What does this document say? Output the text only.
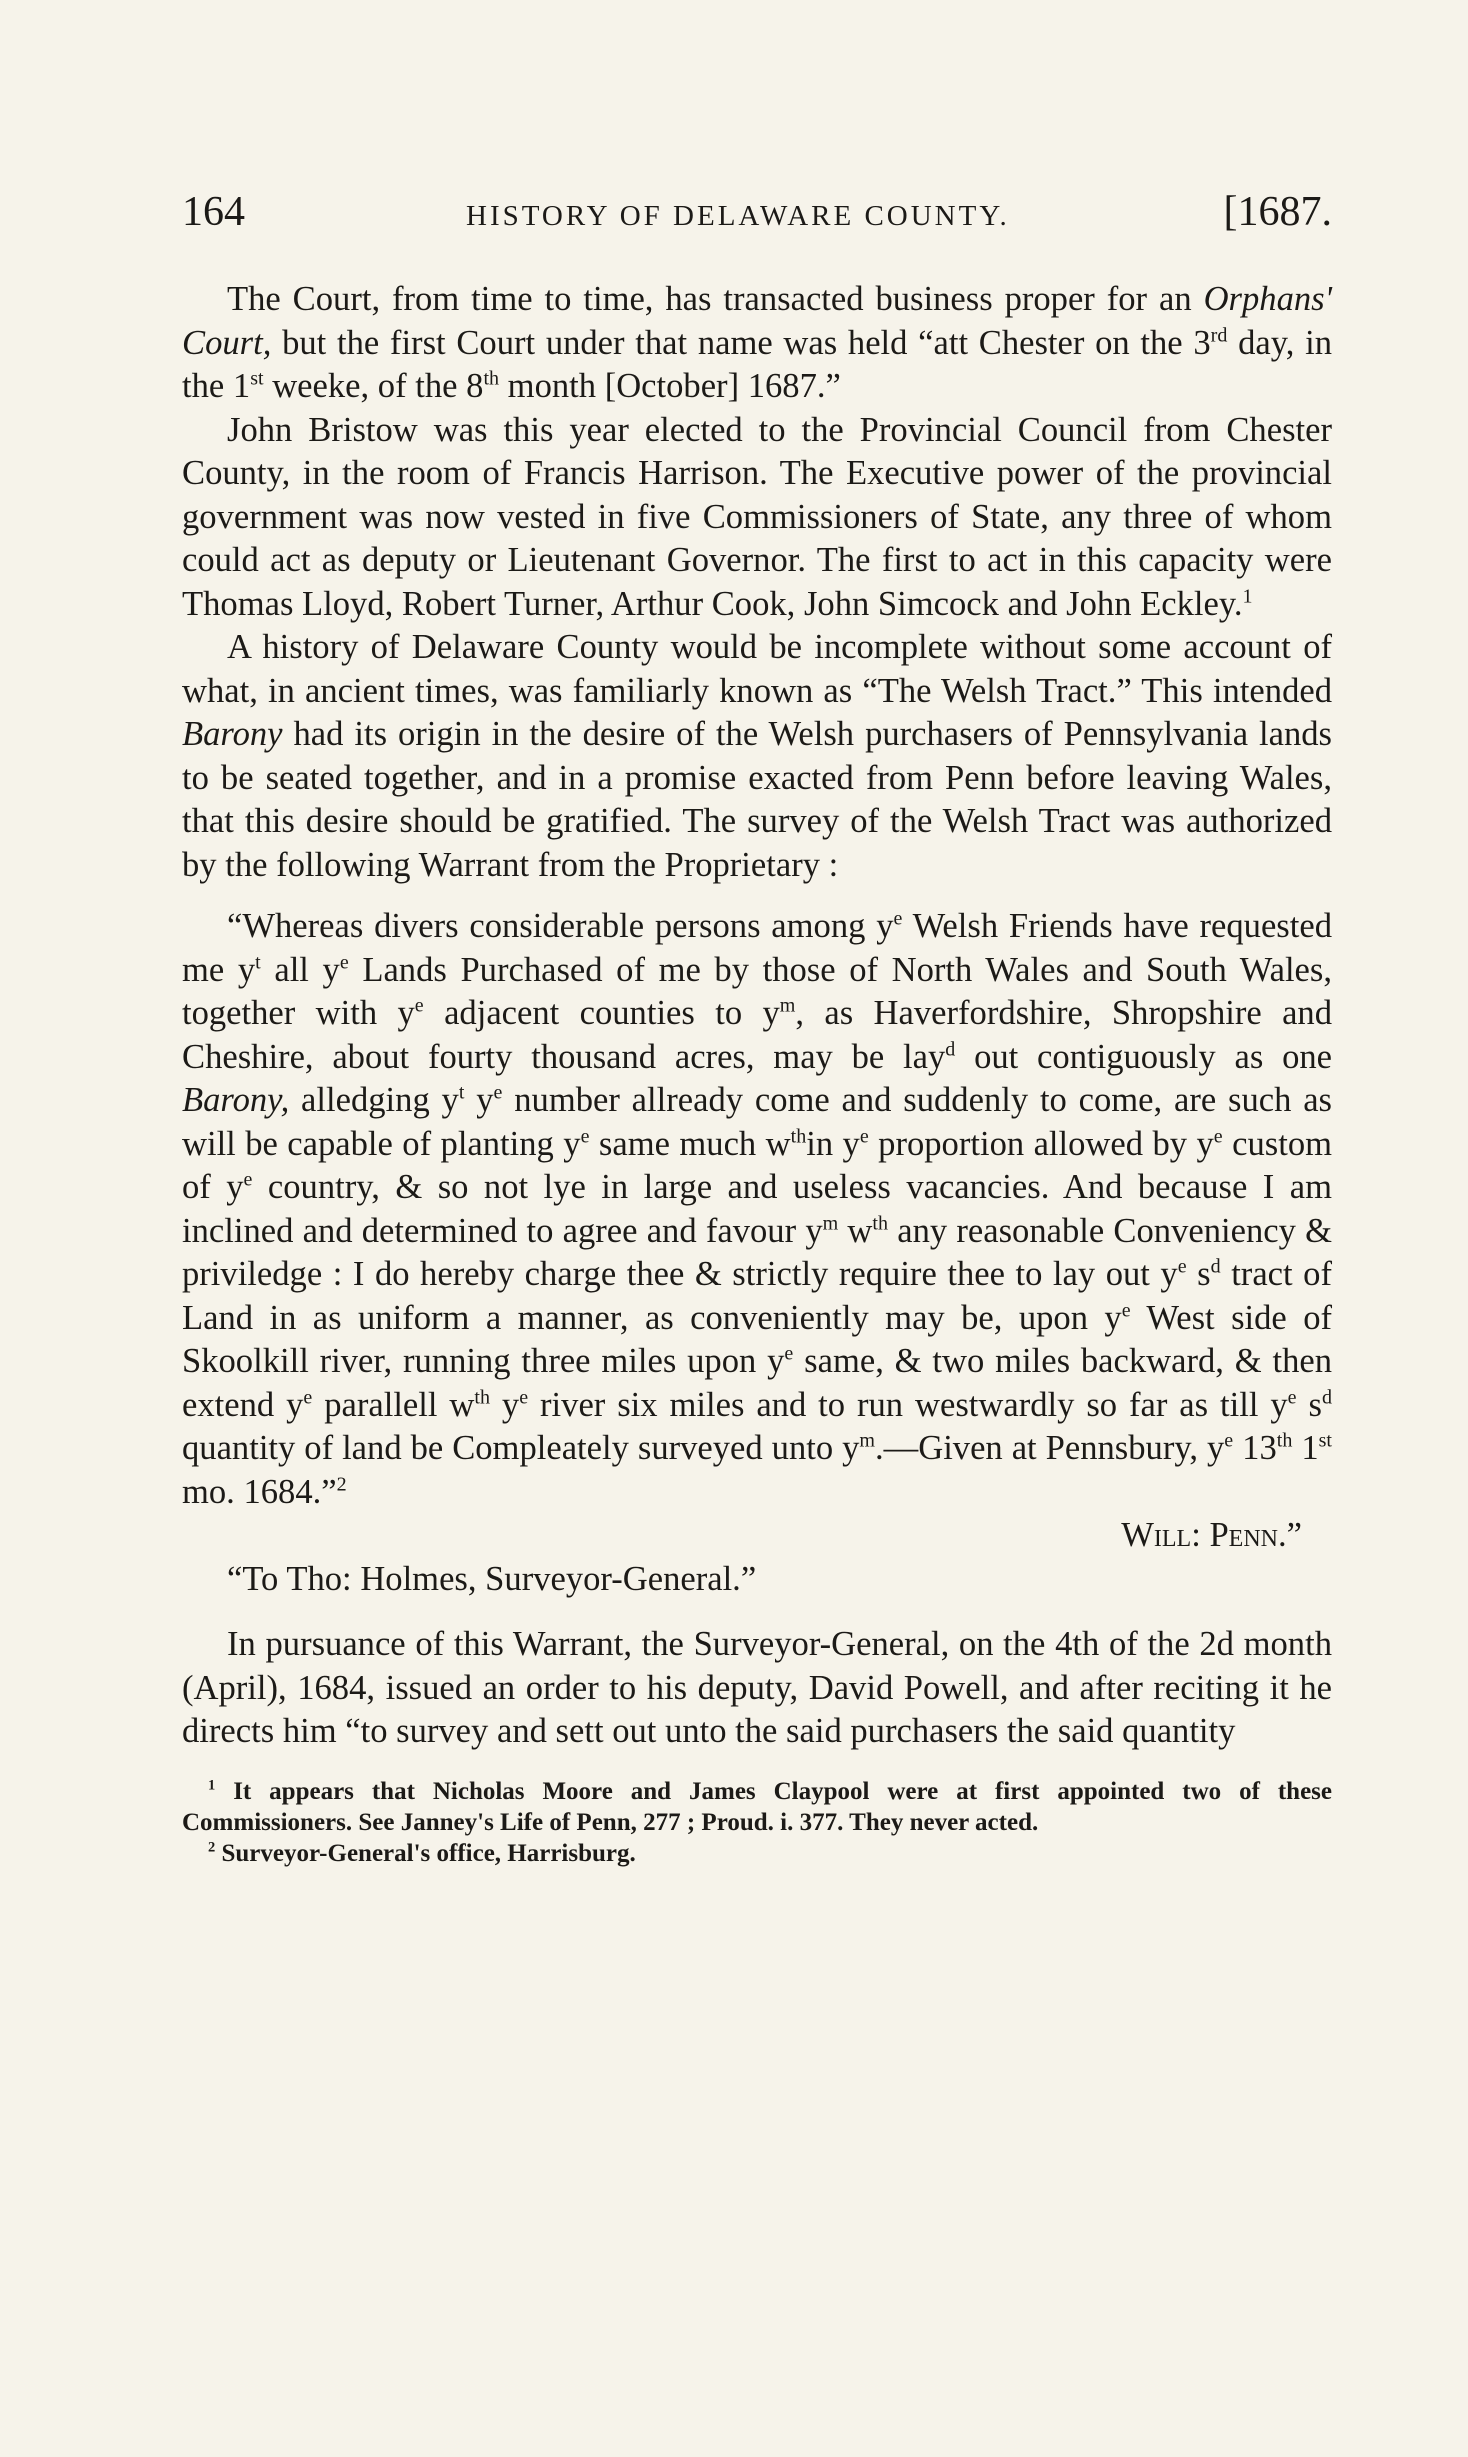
164	HISTORY OF DELAWARE COUNTY.	[1687.

The Court, from time to time, has transacted business proper for an Orphans' Court, but the first Court under that name was held “att Chester on the 3rd day, in the 1st weeke, of the 8th month [October] 1687.”

John Bristow was this year elected to the Provincial Council from Chester County, in the room of Francis Harrison. The Executive power of the provincial government was now vested in five Commissioners of State, any three of whom could act as deputy or Lieutenant Governor. The first to act in this capacity were Thomas Lloyd, Robert Turner, Arthur Cook, John Simcock and John Eckley.$^1$

A history of Delaware County would be incomplete without some account of what, in ancient times, was familiarly known as “The Welsh Tract.” This intended Barony had its origin in the desire of the Welsh purchasers of Pennsylvania lands to be seated together, and in a promise exacted from Penn before leaving Wales, that this desire should be gratified. The survey of the Welsh Tract was authorized by the following Warrant from the Proprietary :

“Whereas divers considerable persons among $y^e$ Welsh Friends have requested me $y^t$ all $y^e$ Lands Purchased of me by those of North Wales and South Wales, together with $y^e$ adjacent counties to $y^m$, as Haverfordshire, Shropshire and Cheshire, about fourty thousand acres, may be lay$^d$ out contiguously as one Barony, alledging $y^t$ $y^e$ number allready come and suddenly to come, are such as will be capable of planting $y^e$ same much $w^{th}in$ $y^e$ proportion allowed by $y^e$ custom of $y^e$ country, & so not lye in large and useless vacancies. And because I am inclined and determined to agree and favour $y^m$ $w^{th}$ any reasonable Conveniency & priviledge : I do hereby charge thee & strictly require thee to lay out $y^e$ $s^d$ tract of Land in as uniform a manner, as conveniently may be, upon $y^e$ West side of Skoolkill river, running three miles upon $y^e$ same, & two miles backward, & then extend $y^e$ parallell $w^{th}$ $y^e$ river six miles and to run westwardly so far as till $y^e$ $s^d$ quantity of land be Compleately surveyed unto $y^m.—Given$ at Pennsbury, $y^e$ 13th 1st mo. 1684.”$^2$

Will: Penn.”

“To Tho: Holmes, Surveyor-General.”

In pursuance of this Warrant, the Surveyor-General, on the 4th of the 2d month (April), 1684, issued an order to his deputy, David Powell, and after reciting it he directs him “to survey and sett out unto the said purchasers the said quantity

$^1$ It appears that Nicholas Moore and James Claypool were at first appointed two of these Commissioners. See Janney's Life of Penn, 277 ; Proud. i. 377. They never acted.
$^2$ Surveyor-General's office, Harrisburg.
